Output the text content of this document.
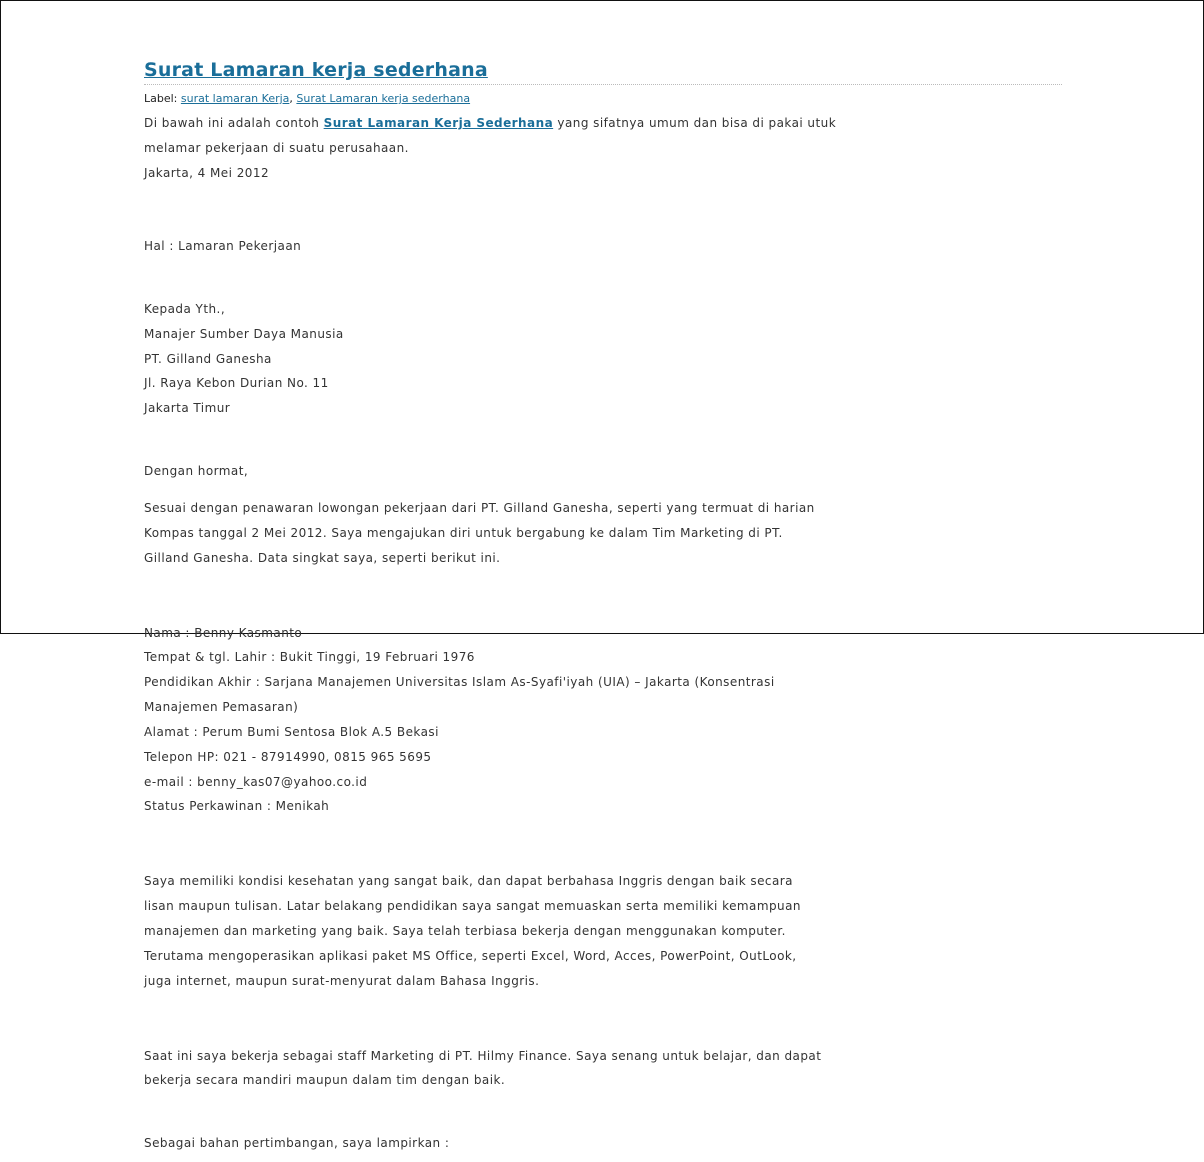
Surat Lamaran kerja sederhana
Label: surat lamaran Kerja, Surat Lamaran kerja sederhana

Di bawah ini adalah contoh Surat Lamaran Kerja Sederhana yang sifatnya umum dan bisa di pakai utuk

melamar pekerjaan di suatu perusahaan.

Jakarta, 4 Mei 2012

Hal : Lamaran Pekerjaan

Kepada Yth.,

Manajer Sumber Daya Manusia

PT. Gilland Ganesha

Jl. Raya Kebon Durian No. 11

Jakarta Timur

Dengan hormat,

Sesuai dengan penawaran lowongan pekerjaan dari PT. Gilland Ganesha, seperti yang termuat di harian

Kompas tanggal 2 Mei 2012. Saya mengajukan diri untuk bergabung ke dalam Tim Marketing di PT.

Gilland Ganesha. Data singkat saya, seperti berikut ini.

Nama : Benny Kasmanto

Tempat & tgl. Lahir : Bukit Tinggi, 19 Februari 1976

Pendidikan Akhir : Sarjana Manajemen Universitas Islam As-Syafi'iyah (UIA) – Jakarta (Konsentrasi

Manajemen Pemasaran)

Alamat : Perum Bumi Sentosa Blok A.5 Bekasi

Telepon HP: 021 - 87914990, 0815 965 5695

e-mail : benny_kas07@yahoo.co.id

Status Perkawinan : Menikah

Saya memiliki kondisi kesehatan yang sangat baik, dan dapat berbahasa Inggris dengan baik secara

lisan maupun tulisan. Latar belakang pendidikan saya sangat memuaskan serta memiliki kemampuan

manajemen dan marketing yang baik. Saya telah terbiasa bekerja dengan menggunakan komputer.

Terutama mengoperasikan aplikasi paket MS Office, seperti Excel, Word, Acces, PowerPoint, OutLook,

juga internet, maupun surat-menyurat dalam Bahasa Inggris.

Saat ini saya bekerja sebagai staff Marketing di PT. Hilmy Finance. Saya senang untuk belajar, dan dapat

bekerja secara mandiri maupun dalam tim dengan baik.

Sebagai bahan pertimbangan, saya lampirkan :
